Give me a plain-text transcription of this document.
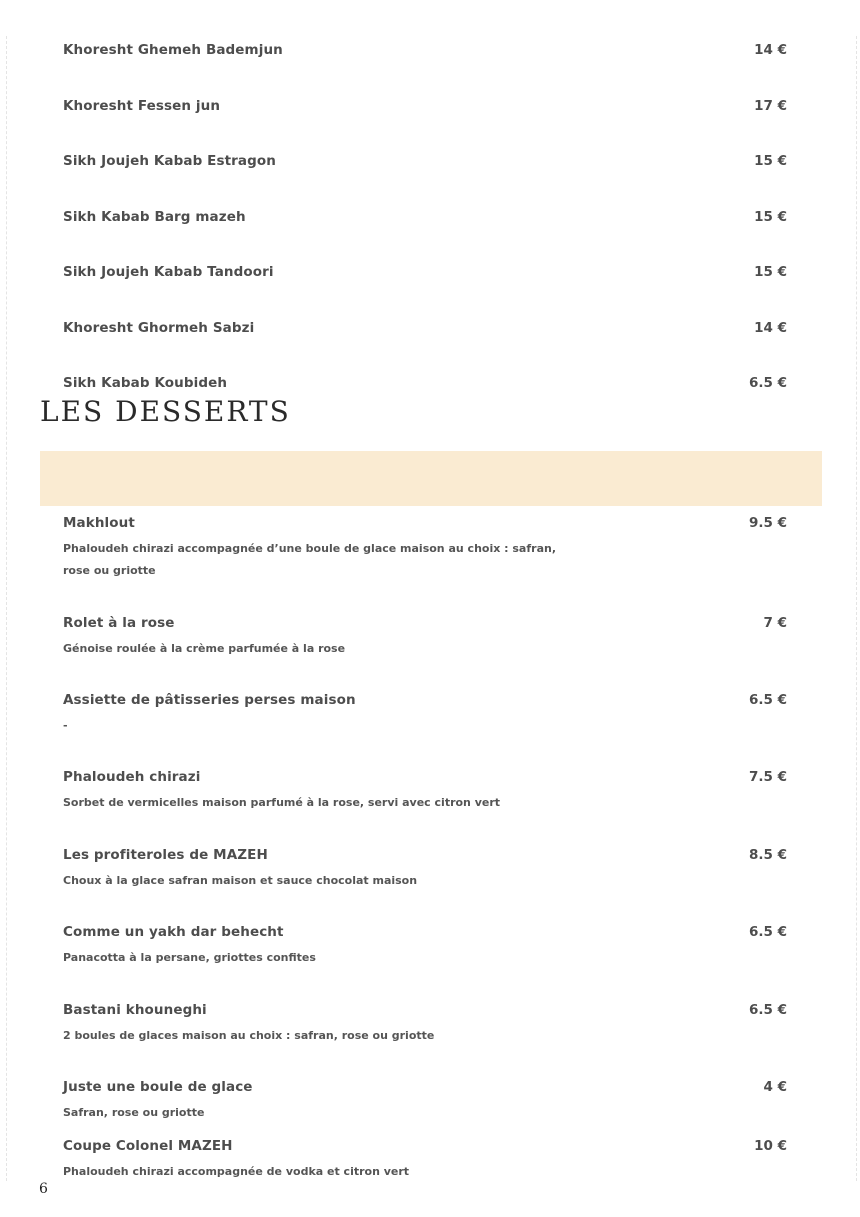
Khoresht Ghemeh Bademjun	14 €
Khoresht Fessen jun	17 €
Sikh Joujeh Kabab Estragon	15 €
Sikh Kabab Barg mazeh	15 €
Sikh Joujeh Kabab Tandoori	15 €
Khoresht Ghormeh Sabzi	14 €
Sikh Kabab Koubideh	6.5 €
LES DESSERTS
Makhlout	9.5 €
Phaloudeh chirazi accompagnée d’une boule de glace maison au choix : safran, rose ou griotte
Rolet à la rose	7 €
Génoise roulée à la crème parfumée à la rose
Assiette de pâtisseries perses maison	6.5 €
-
Phaloudeh chirazi	7.5 €
Sorbet de vermicelles maison parfumé à la rose, servi avec citron vert
Les profiteroles de MAZEH	8.5 €
Choux à la glace safran maison et sauce chocolat maison
Comme un yakh dar behecht	6.5 €
Panacotta à la persane, griottes confites
Bastani khouneghi	6.5 €
2 boules de glaces maison au choix : safran, rose ou griotte
Juste une boule de glace	4 €
Safran, rose ou griotte
Coupe Colonel MAZEH	10 €
Phaloudeh chirazi accompagnée de vodka et citron vert
6
